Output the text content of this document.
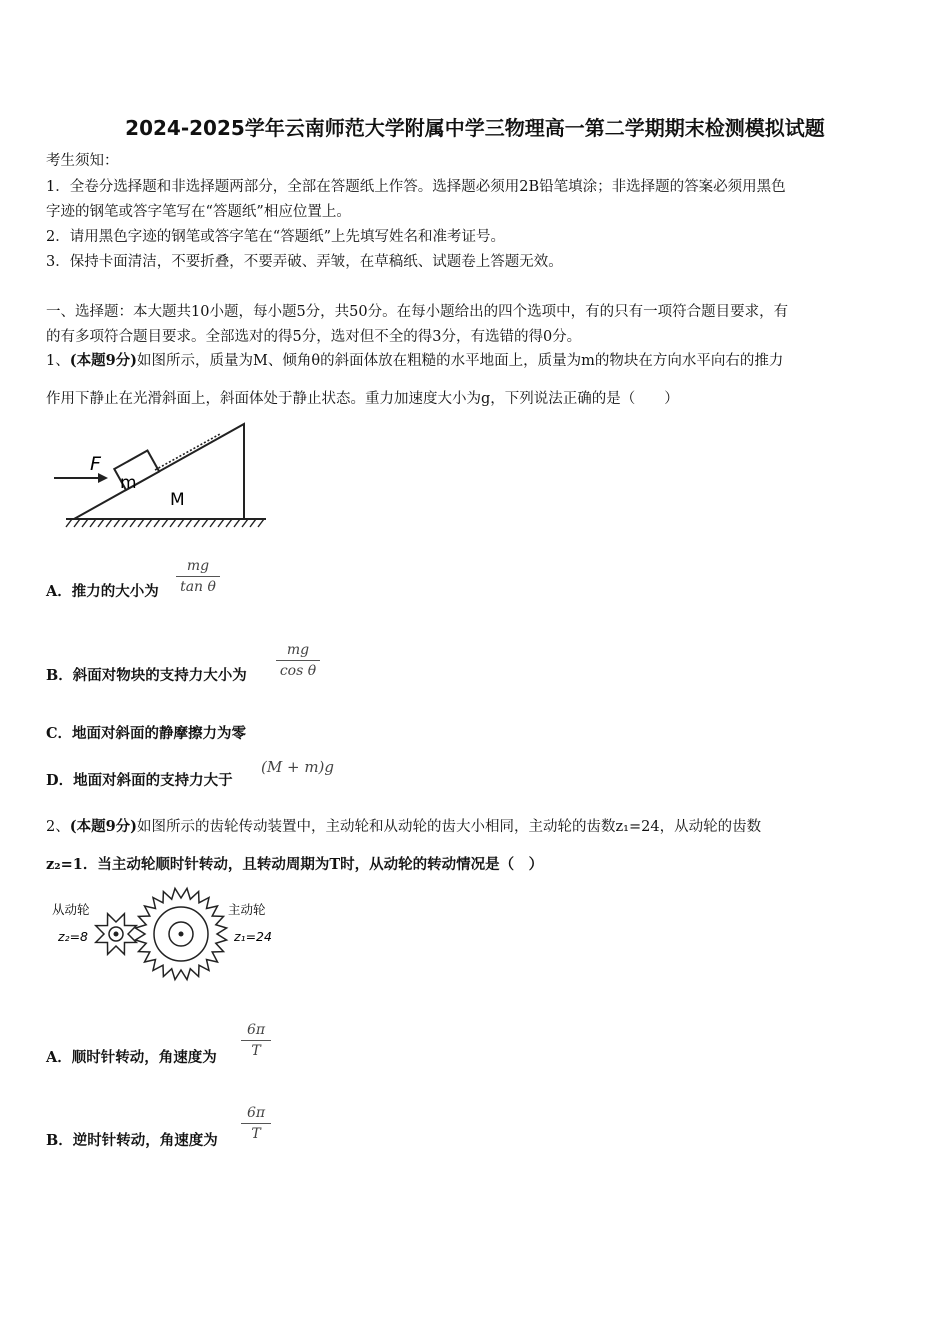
2024-2025学年云南师范大学附属中学三物理高一第二学期期末检测模拟试题
考生须知：
1．全卷分选择题和非选择题两部分，全部在答题纸上作答。选择题必须用2B铅笔填涂；非选择题的答案必须用黑色
字迹的钢笔或答字笔写在“答题纸”相应位置上。
2．请用黑色字迹的钢笔或答字笔在“答题纸”上先填写姓名和准考证号。
3．保持卡面清洁，不要折叠，不要弄破、弄皱，在草稿纸、试题卷上答题无效。
一、选择题：本大题共10小题，每小题5分，共50分。在每小题给出的四个选项中，有的只有一项符合题目要求，有
的有多项符合题目要求。全部选对的得5分，选对但不全的得3分，有选错的得0分。
1、(本题9分)如图所示，质量为M、倾角θ的斜面体放在粗糙的水平地面上，质量为m的物块在方向水平向右的推力
作用下静止在光滑斜面上，斜面体处于静止状态。重力加速度大小为g，下列说法正确的是（　　）
F
m
M
A．推力的大小为
mg
tan θ
B．斜面对物块的支持力大小为
mg
cos θ
C．地面对斜面的静摩擦力为零
D．地面对斜面的支持力大于
(M + m)g
2、(本题9分)如图所示的齿轮传动装置中，主动轮和从动轮的齿大小相同，主动轮的齿数z₁=24，从动轮的齿数
z₂=1．当主动轮顺时针转动，且转动周期为T时，从动轮的转动情况是（　）
从动轮
z₂=8
主动轮
z₁=24
A．顺时针转动，角速度为
6π
T
B．逆时针转动，角速度为
6π
T
